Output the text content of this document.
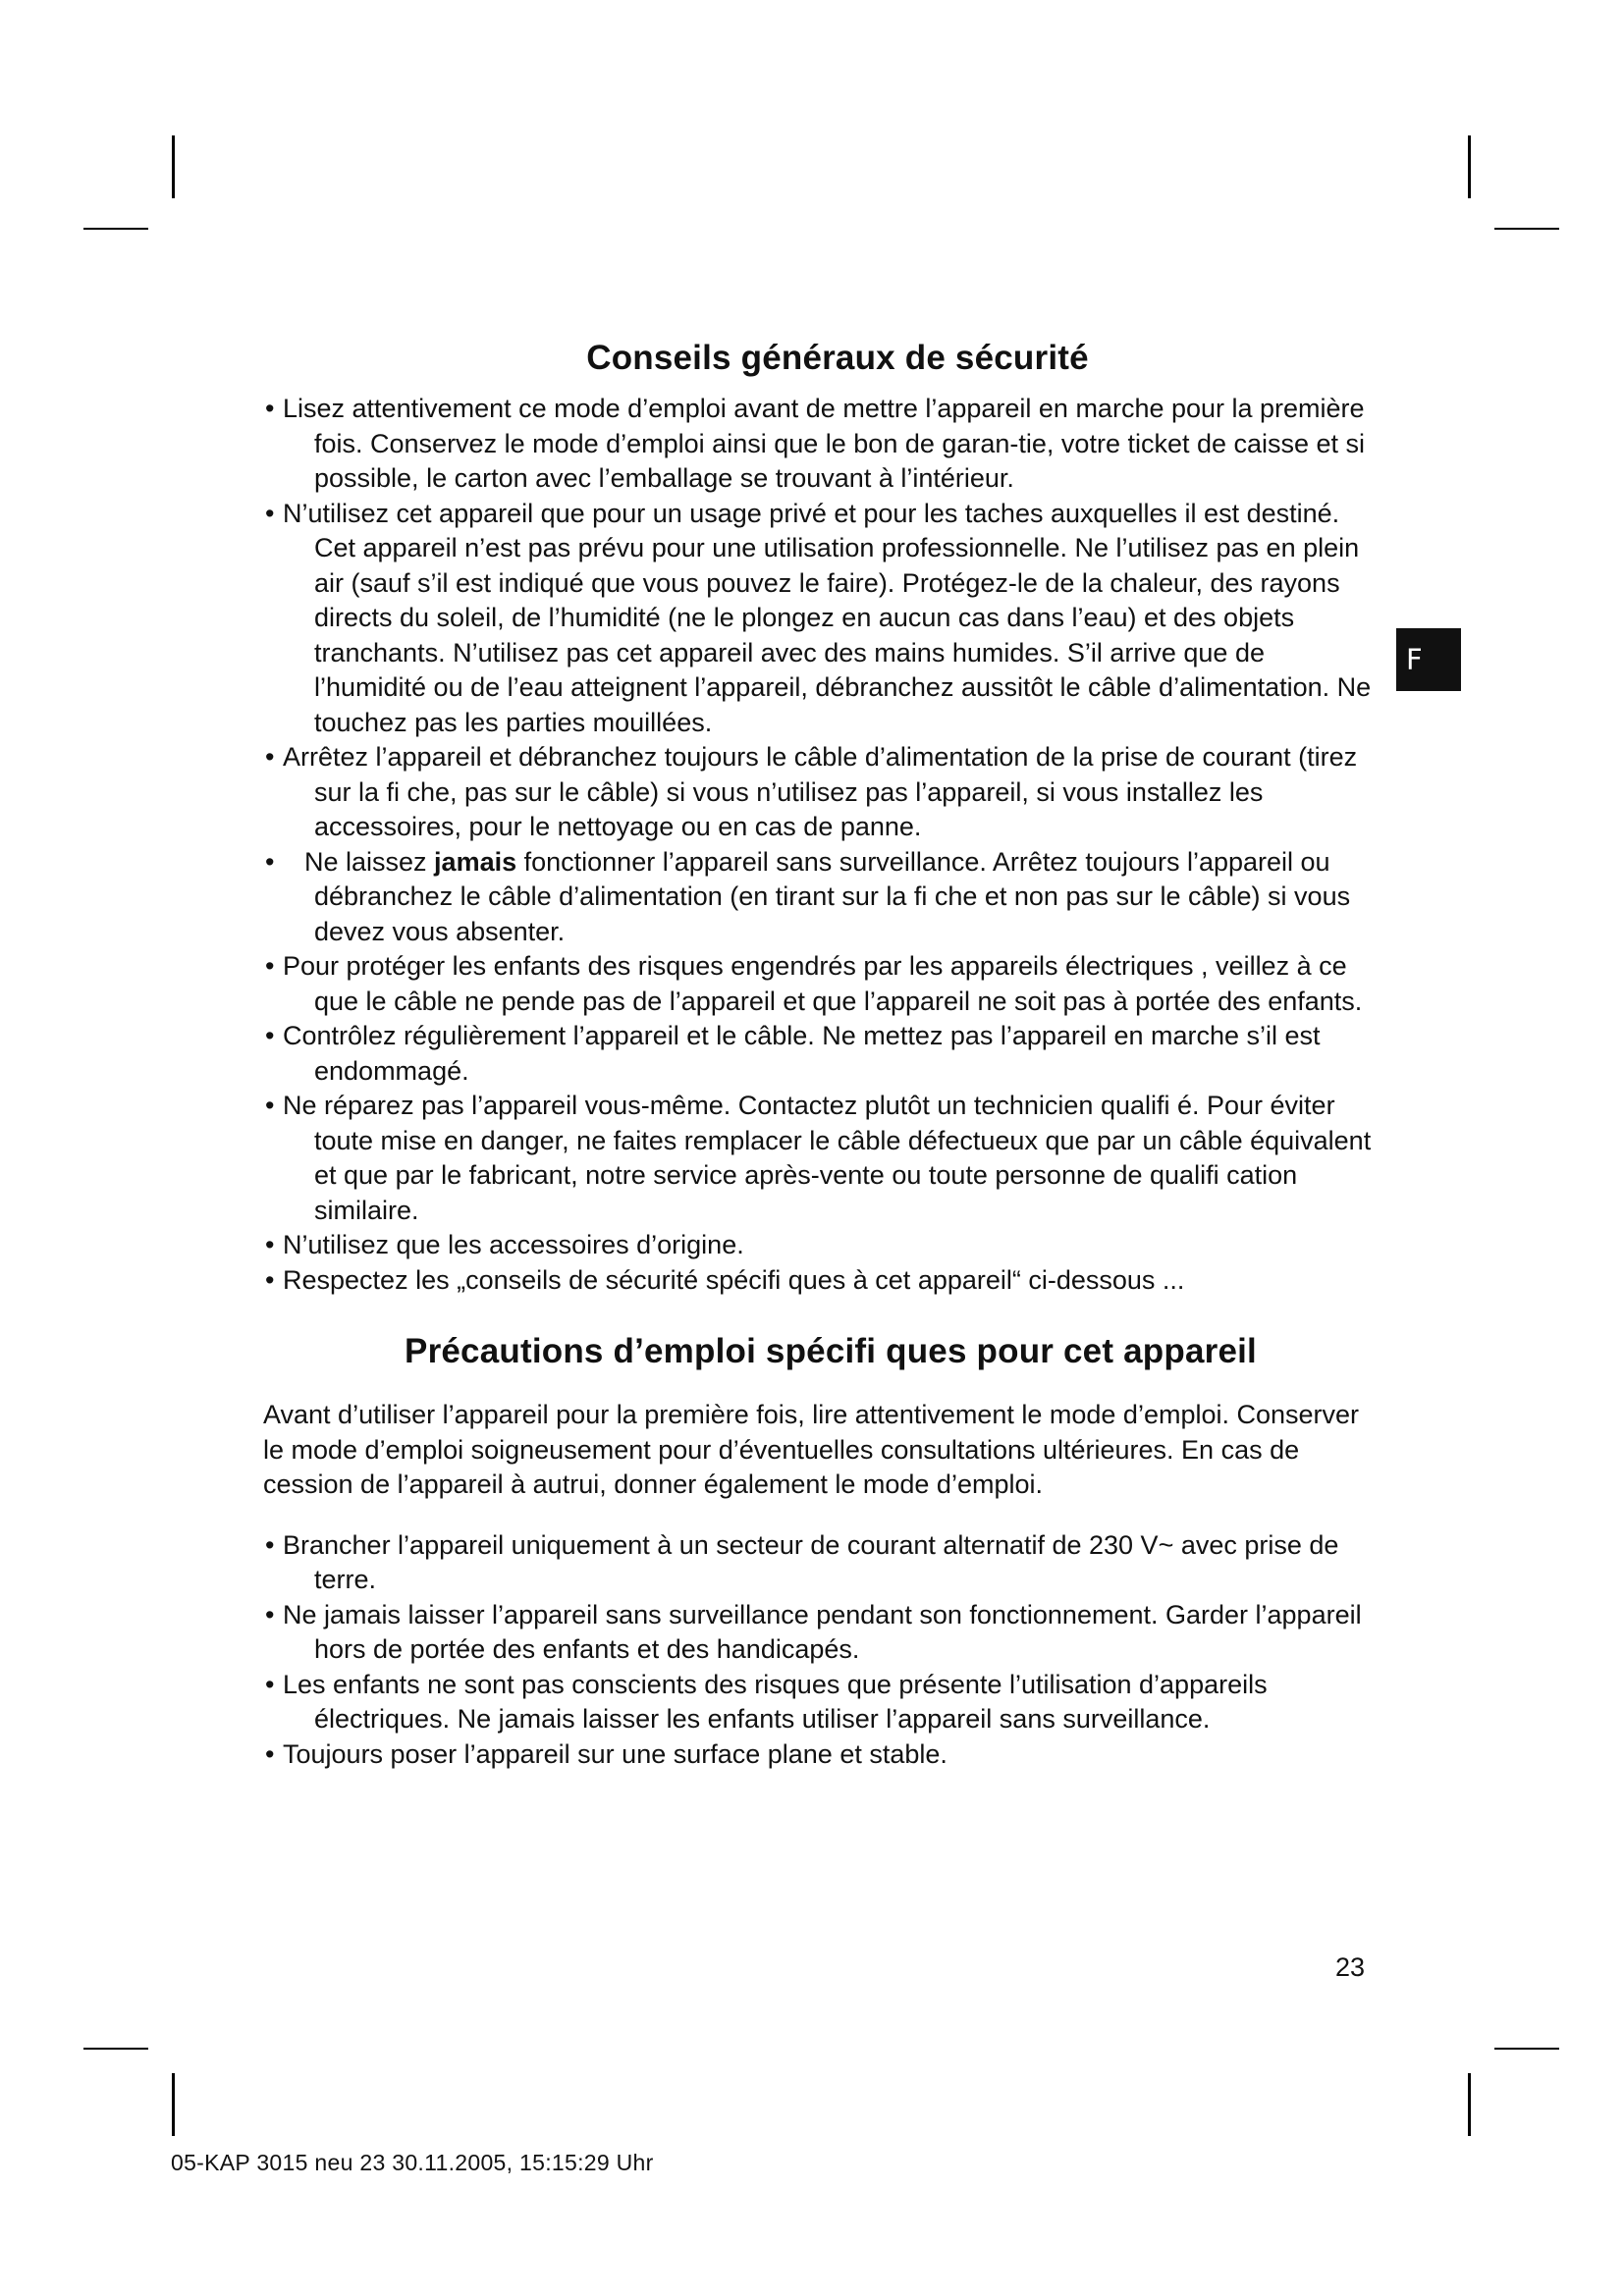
F
Conseils généraux de sécurité
• Lisez attentivement ce mode d’emploi avant de mettre l’appareil en marche pour la première fois. Conservez le mode d’emploi ainsi que le bon de garan-tie, votre ticket de caisse et si possible, le carton avec l’emballage se trouvant à l’intérieur.
• N’utilisez cet appareil que pour un usage privé et pour les taches auxquelles il est destiné. Cet appareil n’est pas prévu pour une utilisation professionnelle. Ne l’utilisez pas en plein air (sauf s’il est indiqué que vous pouvez le faire). Protégez-le de la chaleur, des rayons directs du soleil, de l’humidité (ne le plongez en aucun cas dans l’eau) et des objets tranchants. N’utilisez pas cet appareil avec des mains humides. S’il arrive que de l’humidité ou de l’eau atteignent l’appareil, débranchez aussitôt le câble d’alimentation. Ne touchez pas les parties mouillées.
• Arrêtez l’appareil et débranchez toujours le câble d’alimentation de la prise de courant (tirez sur la fi che, pas sur le câble) si vous n’utilisez pas l’appareil, si vous installez les accessoires, pour le nettoyage ou en cas de panne.
• Ne laissez jamais fonctionner l’appareil sans surveillance. Arrêtez toujours l’appareil ou débranchez le câble d’alimentation (en tirant sur la fi che et non pas sur le câble) si vous devez vous absenter.
• Pour protéger les enfants des risques engendrés par les appareils électriques , veillez à ce que le câble ne pende pas de l’appareil et que l’appareil ne soit pas à portée des enfants.
• Contrôlez régulièrement l’appareil et le câble. Ne mettez pas l’appareil en marche s’il est endommagé.
• Ne réparez pas l’appareil vous-même. Contactez plutôt un technicien qualifi é. Pour éviter toute mise en danger, ne faites remplacer le câble défectueux que par un câble équivalent et que par le fabricant, notre service après-vente ou toute personne de qualifi cation similaire.
• N’utilisez que les accessoires d’origine.
• Respectez les „conseils de sécurité spécifi ques à cet appareil“ ci-dessous ...
Précautions d’emploi spécifi ques pour cet appareil

Avant d’utiliser l’appareil pour la première fois, lire attentivement le mode d’emploi. Conserver le mode d’emploi soigneusement pour d’éventuelles consultations ultérieures. En cas de cession de l’appareil à autrui, donner également le mode d’emploi.

• Brancher l’appareil uniquement à un secteur de courant alternatif de 230 V~ avec prise de terre.
• Ne jamais laisser l’appareil sans surveillance pendant son fonctionnement. Garder l’appareil hors de portée des enfants et des handicapés.
• Les enfants ne sont pas conscients des risques que présente l’utilisation d’appareils électriques. Ne jamais laisser les enfants utiliser l’appareil sans surveillance.
• Toujours poser l’appareil sur une surface plane et stable.
23
05-KAP 3015 neu 23 30.11.2005, 15:15:29 Uhr
